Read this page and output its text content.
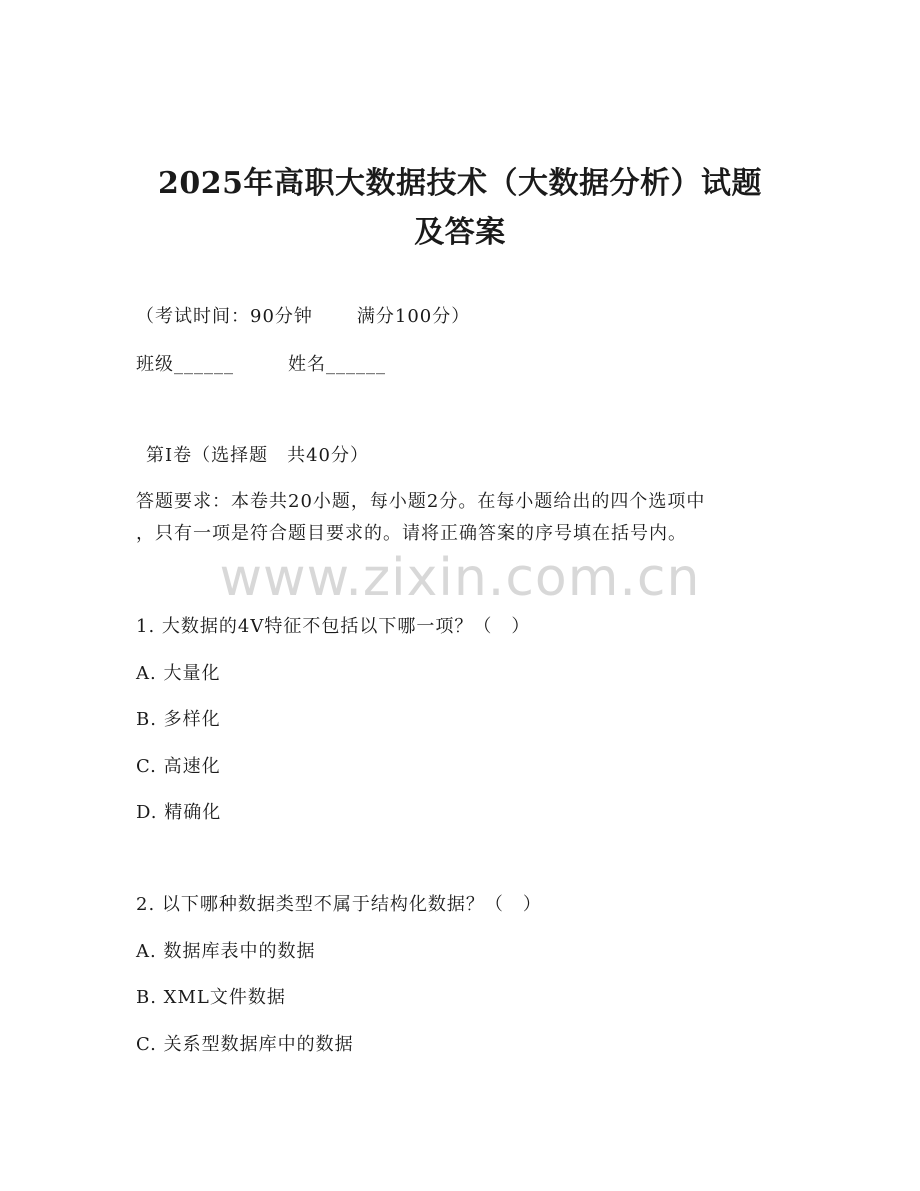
2025年高职大数据技术（大数据分析）试题
及答案
（考试时间：90分钟 满分100分）
班级______	姓名______
第I卷（选择题　共40分）
答题要求：本卷共20小题，每小题2分。在每小题给出的四个选项中
，只有一项是符合题目要求的。请将正确答案的序号填在括号内。
www.zixin.com.cn
1. 大数据的4V特征不包括以下哪一项？（　）
A. 大量化
B. 多样化
C. 高速化
D. 精确化
2. 以下哪种数据类型不属于结构化数据？（　）
A. 数据库表中的数据
B. XML文件数据
C. 关系型数据库中的数据
